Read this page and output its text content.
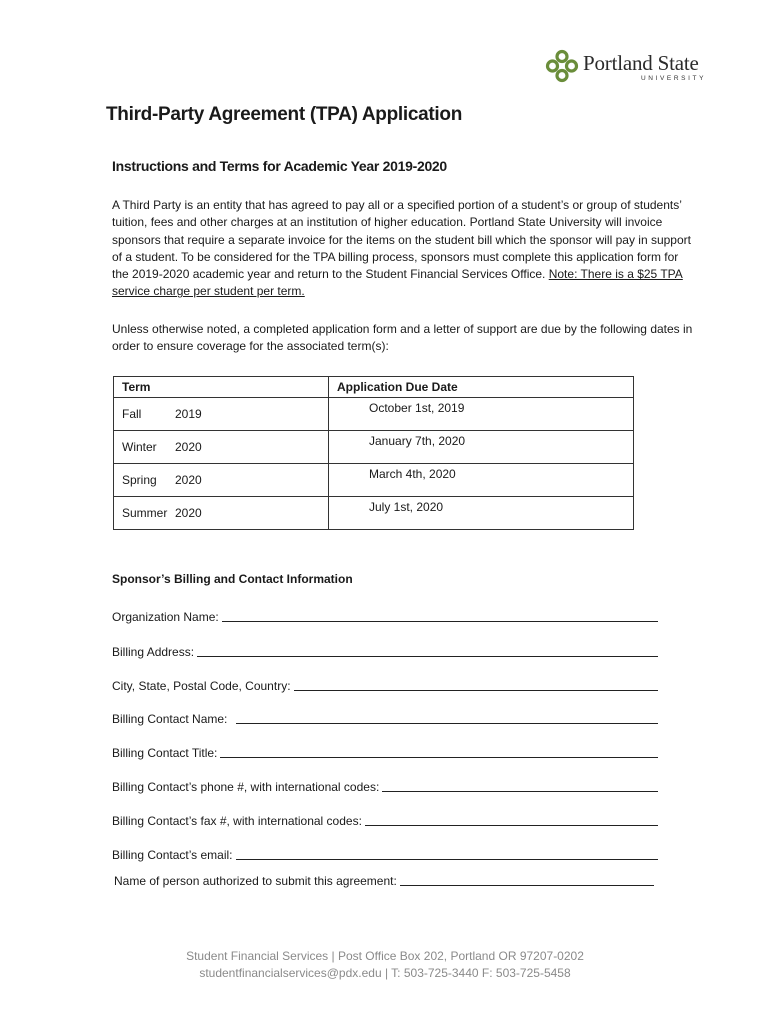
Portland State
UNIVERSITY
Third-Party Agreement (TPA) Application
Instructions and Terms for Academic Year 2019-2020
A Third Party is an entity that has agreed to pay all or a specified portion of a student’s or group of students’ tuition, fees and other charges at an institution of higher education. Portland State University will invoice sponsors that require a separate invoice for the items on the student bill which the sponsor will pay in support of a student. To be considered for the TPA billing process, sponsors must complete this application form for the 2019-2020 academic year and return to the Student Financial Services Office. Note: There is a $25 TPA service charge per student per term.
Unless otherwise noted, a completed application form and a letter of support are due by the following dates in order to ensure coverage for the associated term(s):
Term	Application Due Date
Fall 2019	October 1st, 2019
Winter 2020	January 7th, 2020
Spring 2020	March 4th, 2020
Summer 2020	July 1st, 2020
Sponsor’s Billing and Contact Information
Organization Name:
Billing Address:
City, State, Postal Code, Country:
Billing Contact Name:
Billing Contact Title:
Billing Contact’s phone #, with international codes:
Billing Contact’s fax #, with international codes:
Billing Contact’s email:
Name of person authorized to submit this agreement:
Student Financial Services | Post Office Box 202, Portland OR 97207-0202
studentfinancialservices@pdx.edu | T: 503-725-3440 F: 503-725-5458
